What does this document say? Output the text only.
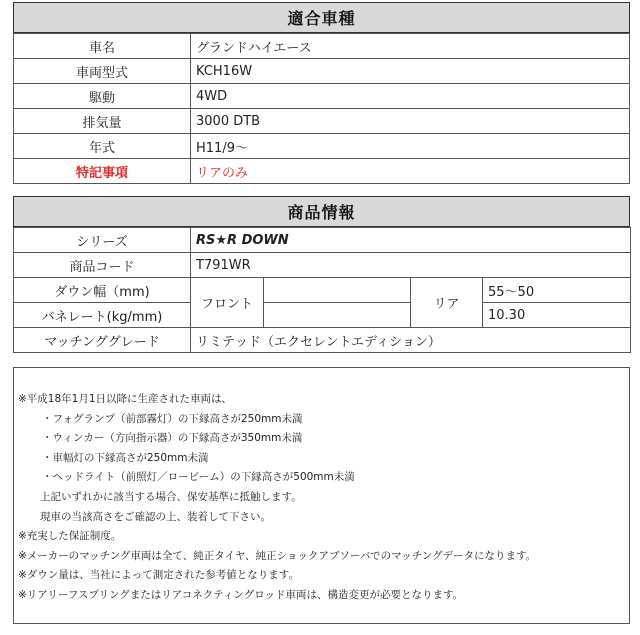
適合車種
車名	グランドハイエース
車両型式	KCH16W
駆動	4WD
排気量	3000 DTB
年式	H11/9～
特記事項	リアのみ
商品情報
シリーズ	RS★R DOWN			
商品コード	T791WR			
ダウン幅（mm)	フロント		リア	55～50
バネレート(kg/mm)				10.30
マッチンググレード	リミテッド（エクセレントエディション）			
※平成18年1月1日以降に生産された車両は、
・フォグランプ（前部霧灯）の下縁高さが250mm未満
・ウィンカー（方向指示器）の下縁高さが350mm未満
・車幅灯の下縁高さが250mm未満
・ヘッドライト（前照灯／ロービーム）の下縁高さが500mm未満
上記いずれかに該当する場合、保安基準に抵触します。
現車の当該高さをご確認の上、装着して下さい。
※充実した保証制度。
※メーカーのマッチング車両は全て、純正タイヤ、純正ショックアブソーバでのマッチングデータになります。
※ダウン量は、当社によって測定された参考値となります。
※リアリーフスプリングまたはリアコネクティングロッド車両は、構造変更が必要となります。
